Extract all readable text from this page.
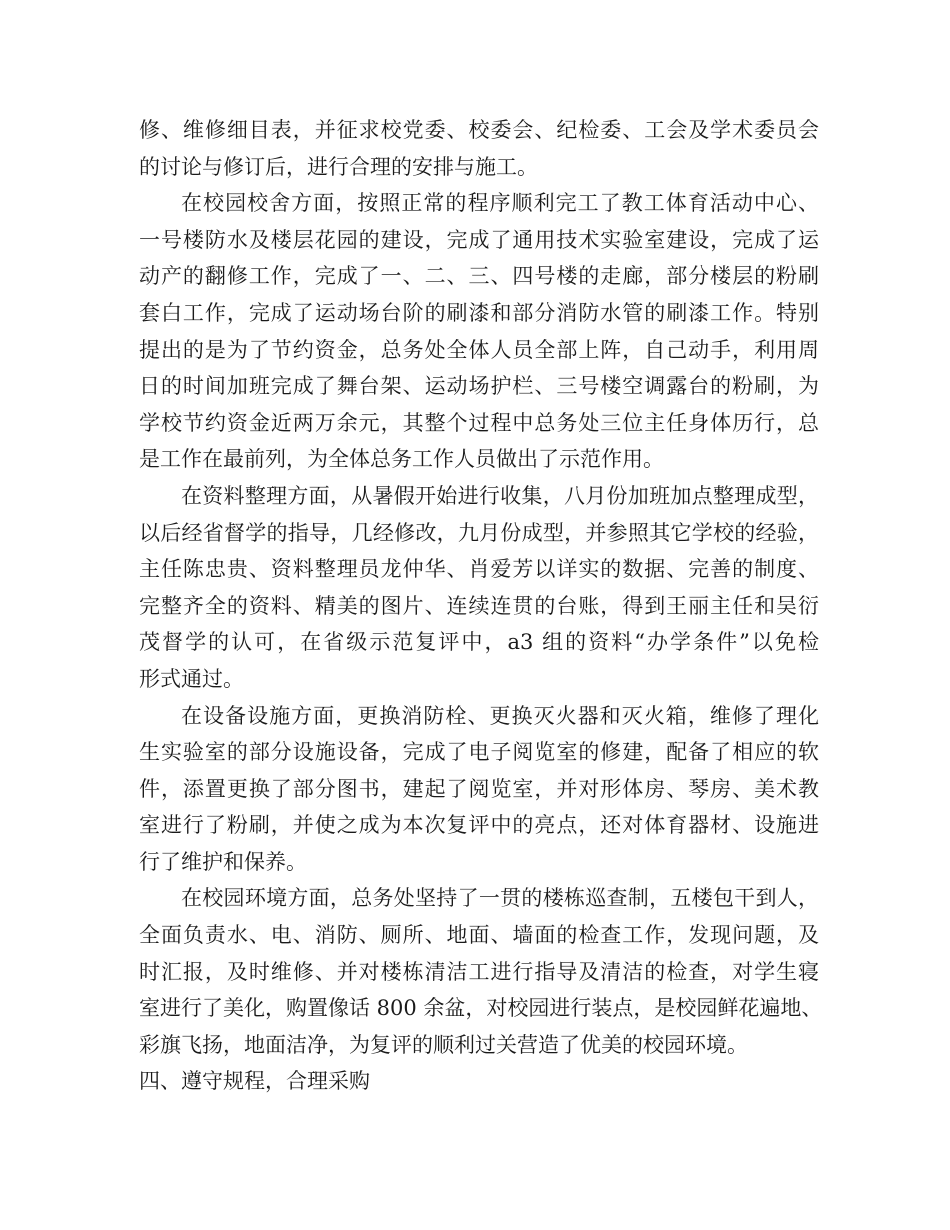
修、维修细目表，并征求校党委、校委会、纪检委、工会及学术委员会
的讨论与修订后，进行合理的安排与施工。
在校园校舍方面，按照正常的程序顺利完工了教工体育活动中心、
一号楼防水及楼层花园的建设，完成了通用技术实验室建设，完成了运
动产的翻修工作，完成了一、二、三、四号楼的走廊，部分楼层的粉刷
套白工作，完成了运动场台阶的刷漆和部分消防水管的刷漆工作。特别
提出的是为了节约资金，总务处全体人员全部上阵，自己动手，利用周
日的时间加班完成了舞台架、运动场护栏、三号楼空调露台的粉刷，为
学校节约资金近两万余元，其整个过程中总务处三位主任身体历行，总
是工作在最前列，为全体总务工作人员做出了示范作用。
在资料整理方面，从暑假开始进行收集，八月份加班加点整理成型，
以后经省督学的指导，几经修改，九月份成型，并参照其它学校的经验，
主任陈忠贵、资料整理员龙仲华、肖爱芳以详实的数据、完善的制度、
完整齐全的资料、精美的图片、连续连贯的台账，得到王丽主任和吴衍
茂督学的认可，在省级示范复评中，a3 组的资料“办学条件”以免检
形式通过。
在设备设施方面，更换消防栓、更换灭火器和灭火箱，维修了理化
生实验室的部分设施设备，完成了电子阅览室的修建，配备了相应的软
件，添置更换了部分图书，建起了阅览室，并对形体房、琴房、美术教
室进行了粉刷，并使之成为本次复评中的亮点，还对体育器材、设施进
行了维护和保养。
在校园环境方面，总务处坚持了一贯的楼栋巡查制，五楼包干到人，
全面负责水、电、消防、厕所、地面、墙面的检查工作，发现问题，及
时汇报，及时维修、并对楼栋清洁工进行指导及清洁的检查，对学生寝
室进行了美化，购置像话 800 余盆，对校园进行装点，是校园鲜花遍地、
彩旗飞扬，地面洁净，为复评的顺利过关营造了优美的校园环境。
四、遵守规程，合理采购
